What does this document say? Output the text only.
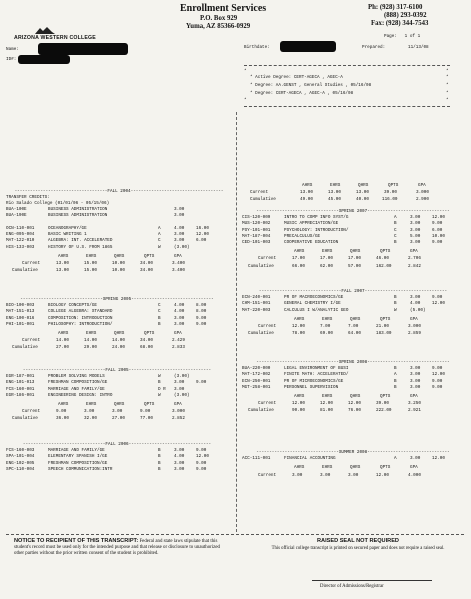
ARIZONA WESTERN COLLEGE
Enrollment Services
P.O. Box 929
Yuma, AZ 85366-0929
Ph: (928) 317-6100
(888) 293-0392
Fax: (928) 344-7543
Page: 1 of 1
Name:
ID#:
Birthdate:	Prepared:	11/13/08
*	*
*	*
* Active Degree: CERT-AGECA , AGEC-A
* Degree: AA.GENST , General Studies , 05/16/08
* Degree: CERT-AGECA , AGEC-A , 05/16/08
*
*
*
------------------------------------FALL 2004------------------------------------
TRANSFER CREDITS:
Rio Salado College (01/01/06 - 05/15/06)
BUA-100E	BUSINESS ADMINISTRATION	3.00
BUA-190E	BUSINESS ADMINISTRATION	3.00
OCN-110-001	OCEANOGRAPHY/GE	A	4.00	16.00
ENG-095-004	BASIC WRITING 1	A	3.00	12.00
MAT-122-010	ALGEBRA: INT. ACCELERATED	C	3.00	6.00
HIS-133-003	HISTORY OF U.S. FROM 1865	W	(3.00)
AHRS	EHRS	QHRS	QPTS	GPA
Current	13.00	15.00	10.00	34.00	3.400
Cumulative	13.00	15.00	10.00	34.00	3.400
--------------------------------SPRING 2005--------------------------------
BIO-100-003	BIOLOGY CONCEPTS/GE	C	4.00	8.00
MAT-151-013	COLLEGE ALGEBRA: STANDARD	C	4.00	8.00
ENG-100-016	COMPOSITION: INTRODUCTION	B	3.00	9.00
PHI-101-001	PHILOSOPHY: INTRODUCTION/	B	3.00	9.00
AHRS	EHRS	QHRS	QPTS	GPA
Current	14.00	14.00	14.00	34.00	2.429
Cumulative	27.00	29.00	24.00	68.00	2.833
--------------------------------FALL 2005--------------------------------
EGR-187-001	PROBLEM SOLVING MODELS	W	(3.00)
ENG-101-013	FRESHMAN COMPOSITION/GE	B	3.00	9.00
FCS-160-001	MARRIAGE AND FAMILY/GE	D R 3.00
EGR-186-001	ENGINEERING DESIGN: INTRO	W	(3.00)
AHRS	EHRS	QHRS	QPTS	GPA
Current	9.00	3.00	3.00	9.00	3.000
Cumulative	36.00	32.00	27.00	77.00	2.852
--------------------------------FALL 2006--------------------------------
FCS-160-003	MARRIAGE AND FAMILY/GE	B	3.00	9.00
SPA-101-004	ELEMENTARY SPANISH I/GE	B	4.00	12.00
ENG-102-005	FRESHMAN COMPOSITION/GE	B	3.00	9.00
SPC-110-004	SPEECH COMMUNICATION:INTR	B	3.00	9.00
AHRS	EHRS	QHRS	QPTS	GPA
Current	13.00	13.00	13.00	39.00	3.000
Cumulative	49.00	45.00	40.00	116.00	2.900
--------------------------------SPRING 2007--------------------------------
CIS-120-009	INTRO TO COMP INFO SYST/G	A	3.00	12.00
MUS-120-002	MUSIC APPRECIATION/GE	B	3.00	9.00
PSY-101-001	PSYCHOLOGY: INTRODUCTION/	C	3.00	6.00
MAT-187-004	PRECALCULUS/GE	C	5.00	10.00
CED-101-003	COOPERATIVE EDUCATION	B	3.00	9.00
AHRS	EHRS	QHRS	QPTS	GPA
Current	17.00	17.00	17.00	46.00	2.706
Cumulative	66.00	62.00	57.00	162.00	2.842
--------------------------------FALL 2007--------------------------------
ECN-240-001	PR OF MACROECONOMICS/GE	B	3.00	9.00
CHM-151-001	GENERAL CHEMISTRY I/GE	B	4.00	12.00
MAT-220-003	CALCULUS I W/ANALYTIC GEO	W	(5.00)
AHRS	EHRS	QHRS	QPTS	GPA
Current	12.00	7.00	7.00	21.00	3.000
Cumulative	78.00	69.00	64.00	183.00	2.859
--------------------------------SPRING 2008--------------------------------
BUA-220-000	LEGAL ENVIRONMENT OF BUSI	B	3.00	9.00
MAT-172-002	FINITE MATH: ACCELERATED/	A	3.00	12.00
ECN-250-001	PR OF MICROECONOMICS/GE	B	3.00	9.00
MGT-258-001	PERSONNEL SUPERVISION	B	3.00	9.00
AHRS	EHRS	QHRS	QPTS	GPA
Current	12.00	12.00	12.00	39.00	3.250
Cumulative	90.00	81.00	76.00	222.00	2.921
--------------------------------SUMMER 2008--------------------------------
ACC-111-001	FINANCIAL ACCOUNTING	A	3.00	12.00
AHRS	EHRS	QHRS	QPTS	GPA
Current	3.00	3.00	3.00	12.00	4.000
NOTICE TO RECIPIENT OF THIS TRANSCRIPT: Federal and state laws stipulate that this student's record must be used only for the intended purpose and that release or disclosure to unauthorized other parties without the prior written consent of the student is prohibited.
RAISED SEAL NOT REQUIRED
This official college transcript is printed on secured paper and does not require a raised seal.
Director of Admissions/Registrar
